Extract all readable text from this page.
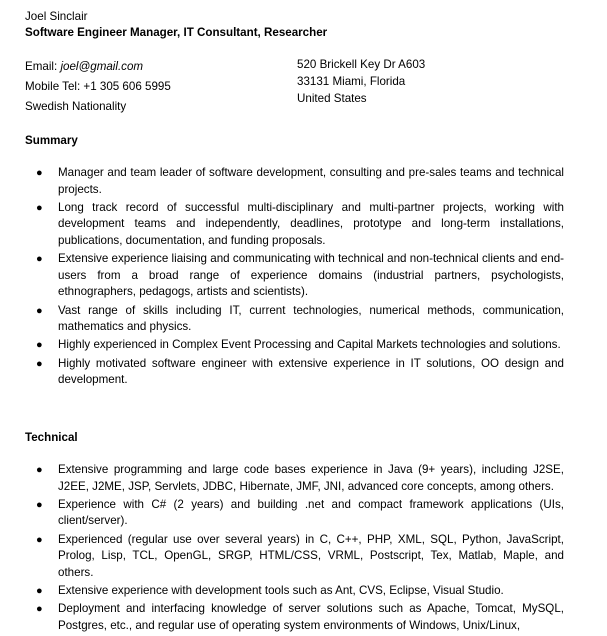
Joel Sinclair
Software Engineer Manager, IT Consultant, Researcher
Email: joel@gmail.com
Mobile Tel: +1 305 606 5995
Swedish Nationality
520 Brickell Key Dr A603
33131 Miami, Florida
United States
Summary
● Manager and team leader of software development, consulting and pre-sales teams and technical projects.
● Long track record of successful multi-disciplinary and multi-partner projects, working with development teams and independently, deadlines, prototype and long-term installations, publications, documentation, and funding proposals.
● Extensive experience liaising and communicating with technical and non-technical clients and end-users from a broad range of experience domains (industrial partners, psychologists, ethnographers, pedagogs, artists and scientists).
● Vast range of skills including IT, current technologies, numerical methods, communication, mathematics and physics.
● Highly experienced in Complex Event Processing and Capital Markets technologies and solutions.
● Highly motivated software engineer with extensive experience in IT solutions, OO design and development.
Technical
● Extensive programming and large code bases experience in Java (9+ years), including J2SE, J2EE, J2ME, JSP, Servlets, JDBC, Hibernate, JMF, JNI, advanced core concepts, among others.
● Experience with C# (2 years) and building .net and compact framework applications (UIs, client/server).
● Experienced (regular use over several years) in C, C++, PHP, XML, SQL, Python, JavaScript, Prolog, Lisp, TCL, OpenGL, SRGP, HTML/CSS, VRML, Postscript, Tex, Matlab, Maple, and others.
● Extensive experience with development tools such as Ant, CVS, Eclipse, Visual Studio.
● Deployment and interfacing knowledge of server solutions such as Apache, Tomcat, MySQL, Postgres, etc., and regular use of operating system environments of Windows, Unix/Linux,
